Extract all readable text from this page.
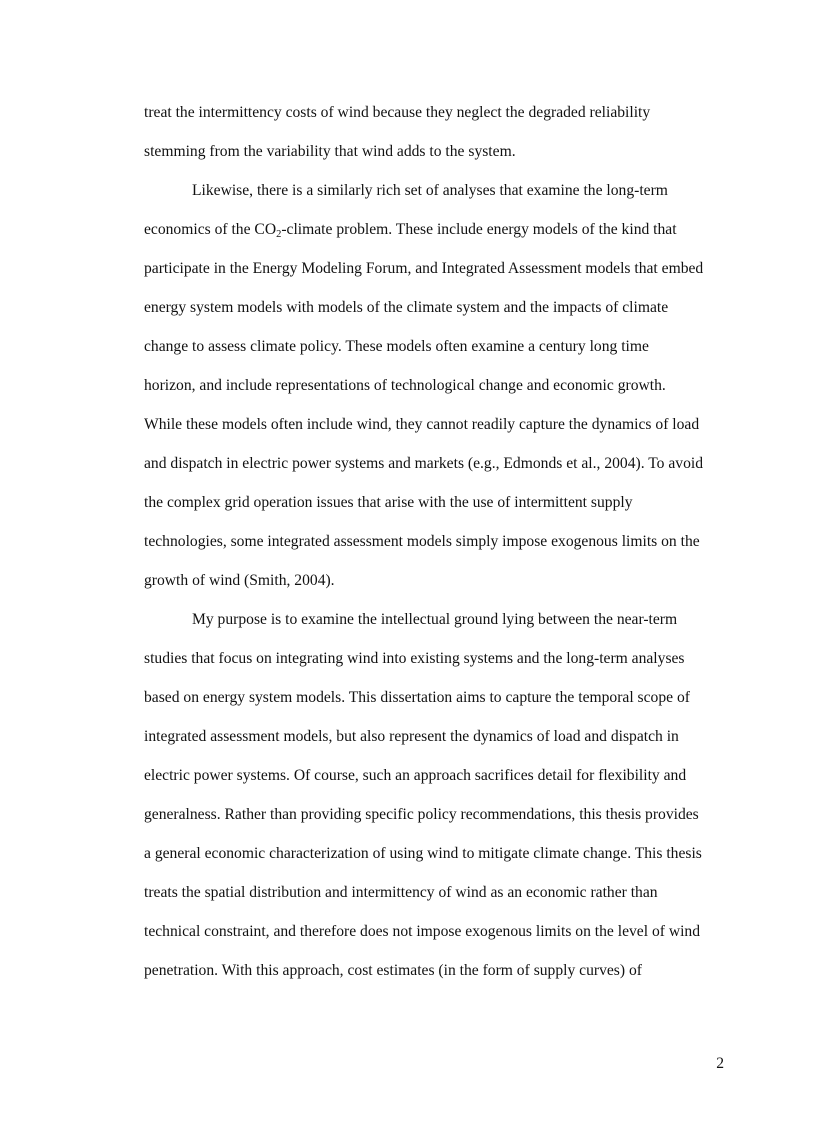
treat the intermittency costs of wind because they neglect the degraded reliability

stemming from the variability that wind adds to the system.

Likewise, there is a similarly rich set of analyses that examine the long-term

economics of the $CO_2$-climate problem. These include energy models of the kind that

participate in the Energy Modeling Forum, and Integrated Assessment models that embed

energy system models with models of the climate system and the impacts of climate

change to assess climate policy. These models often examine a century long time

horizon, and include representations of technological change and economic growth.

While these models often include wind, they cannot readily capture the dynamics of load

and dispatch in electric power systems and markets (e.g., Edmonds et al., 2004). To avoid

the complex grid operation issues that arise with the use of intermittent supply

technologies, some integrated assessment models simply impose exogenous limits on the

growth of wind (Smith, 2004).

My purpose is to examine the intellectual ground lying between the near-term

studies that focus on integrating wind into existing systems and the long-term analyses

based on energy system models. This dissertation aims to capture the temporal scope of

integrated assessment models, but also represent the dynamics of load and dispatch in

electric power systems. Of course, such an approach sacrifices detail for flexibility and

generalness. Rather than providing specific policy recommendations, this thesis provides

a general economic characterization of using wind to mitigate climate change. This thesis

treats the spatial distribution and intermittency of wind as an economic rather than

technical constraint, and therefore does not impose exogenous limits on the level of wind

penetration. With this approach, cost estimates (in the form of supply curves) of

2
